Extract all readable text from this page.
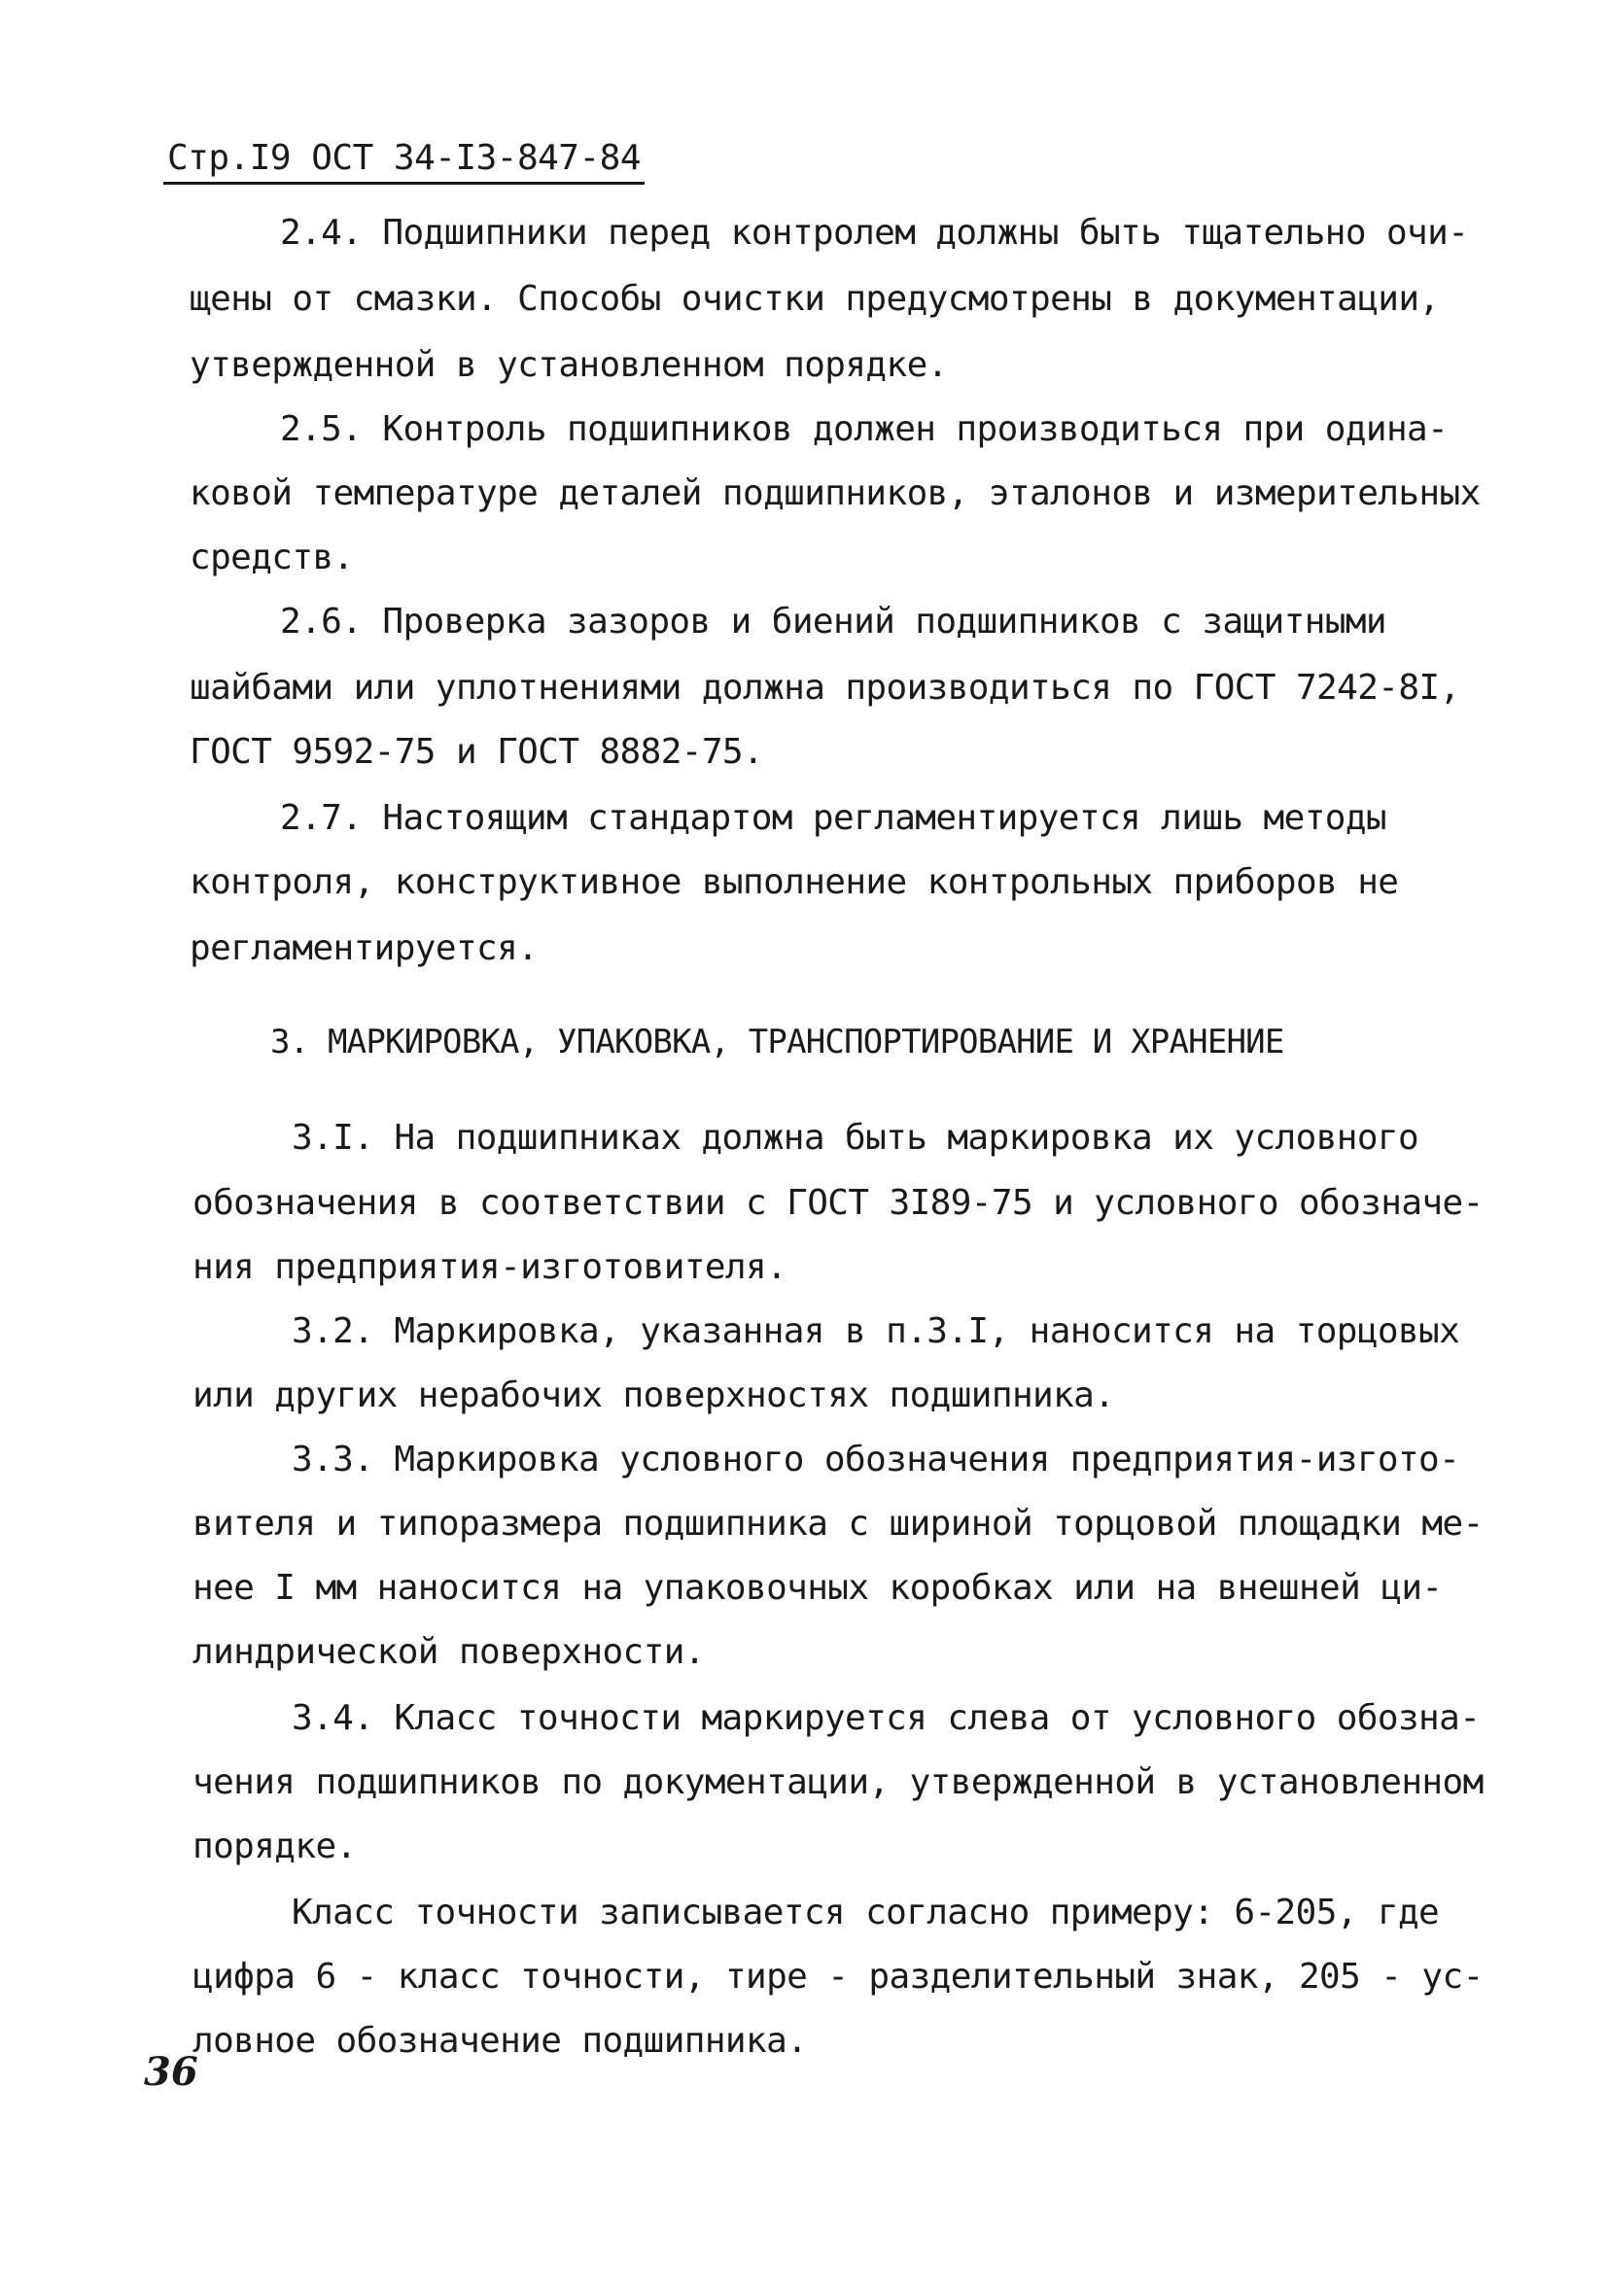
Стр.I9 ОСТ 34-I3-847-84
2.4. Подшипники перед контролем должны быть тщательно очи-
щены от смазки. Способы очистки предусмотрены в документации,
утвержденной в установленном порядке.
2.5. Контроль подшипников должен производиться при одина-
ковой температуре деталей подшипников, эталонов и измерительных
средств.
2.6. Проверка зазоров и биений подшипников с защитными
шайбами или уплотнениями должна производиться по ГОСТ 7242-8I,
ГОСТ 9592-75 и ГОСТ 8882-75.
2.7. Настоящим стандартом регламентируется лишь методы
контроля, конструктивное выполнение контрольных приборов не
регламентируется.
3. МАРКИРОВКА, УПАКОВКА, ТРАНСПОРТИРОВАНИЕ И ХРАНЕНИЕ
3.I. На подшипниках должна быть маркировка их условного
обозначения в соответствии с ГОСТ 3I89-75 и условного обозначе-
ния предприятия-изготовителя.
3.2. Маркировка, указанная в п.3.I, наносится на торцовых
или других нерабочих поверхностях подшипника.
3.3. Маркировка условного обозначения предприятия-изгото-
вителя и типоразмера подшипника с шириной торцовой площадки ме-
нее I мм наносится на упаковочных коробках или на внешней ци-
линдрической поверхности.
3.4. Класс точности маркируется слева от условного обозна-
чения подшипников по документации, утвержденной в установленном
порядке.
Класс точности записывается согласно примеру: 6-205, где
цифра 6 - класс точности, тире - разделительный знак, 205 - ус-
ловное обозначение подшипника.
36
